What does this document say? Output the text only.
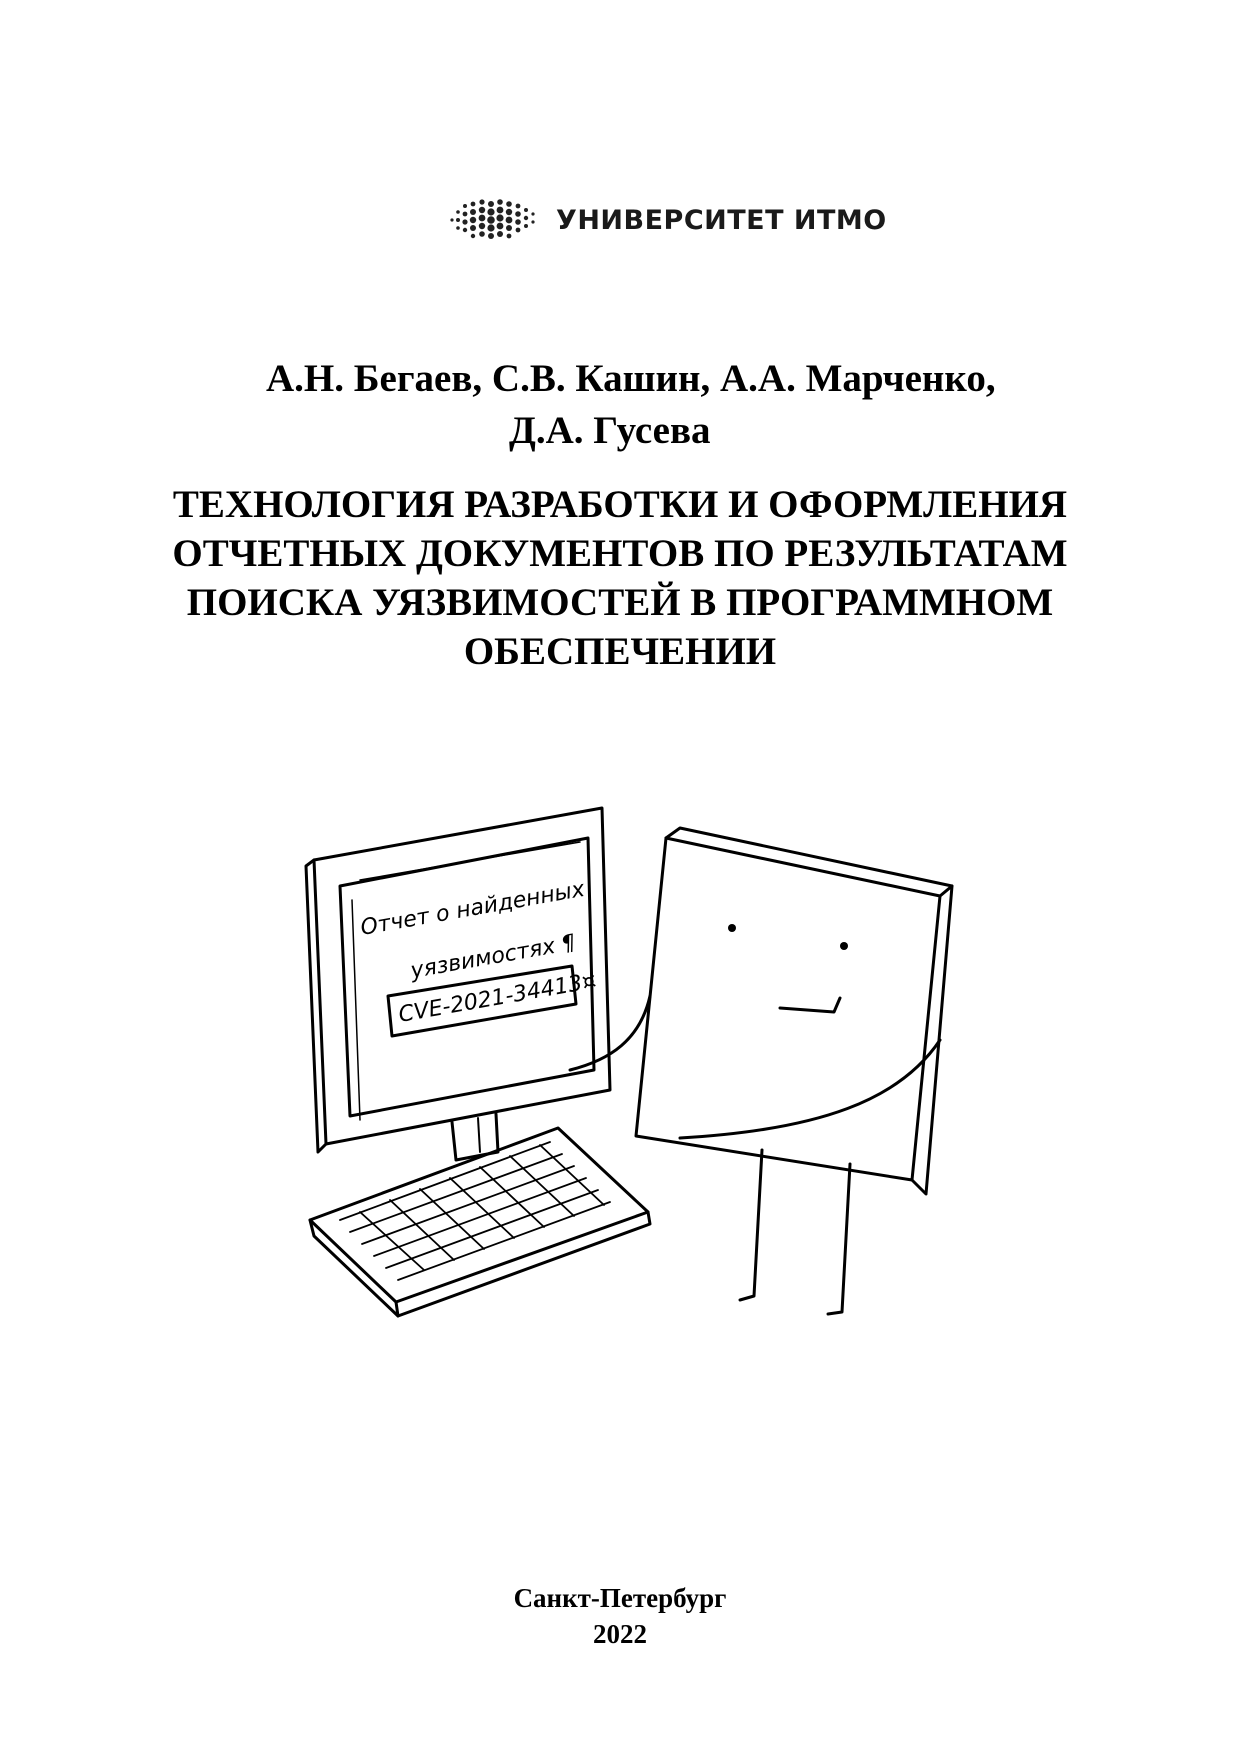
УНИВЕРСИТЕТ ИТМО
А.Н. Бегаев, С.В. Кашин, А.А. Марченко,
Д.А. Гусева
ТЕХНОЛОГИЯ РАЗРАБОТКИ И ОФОРМЛЕНИЯ
ОТЧЕТНЫХ ДОКУМЕНТОВ ПО РЕЗУЛЬТАТАМ
ПОИСКА УЯЗВИМОСТЕЙ В ПРОГРАММНОМ
ОБЕСПЕЧЕНИИ
Отчет о найденных
уязвимостях ¶
CVE-2021-34413¤
Санкт-Петербург
2022
